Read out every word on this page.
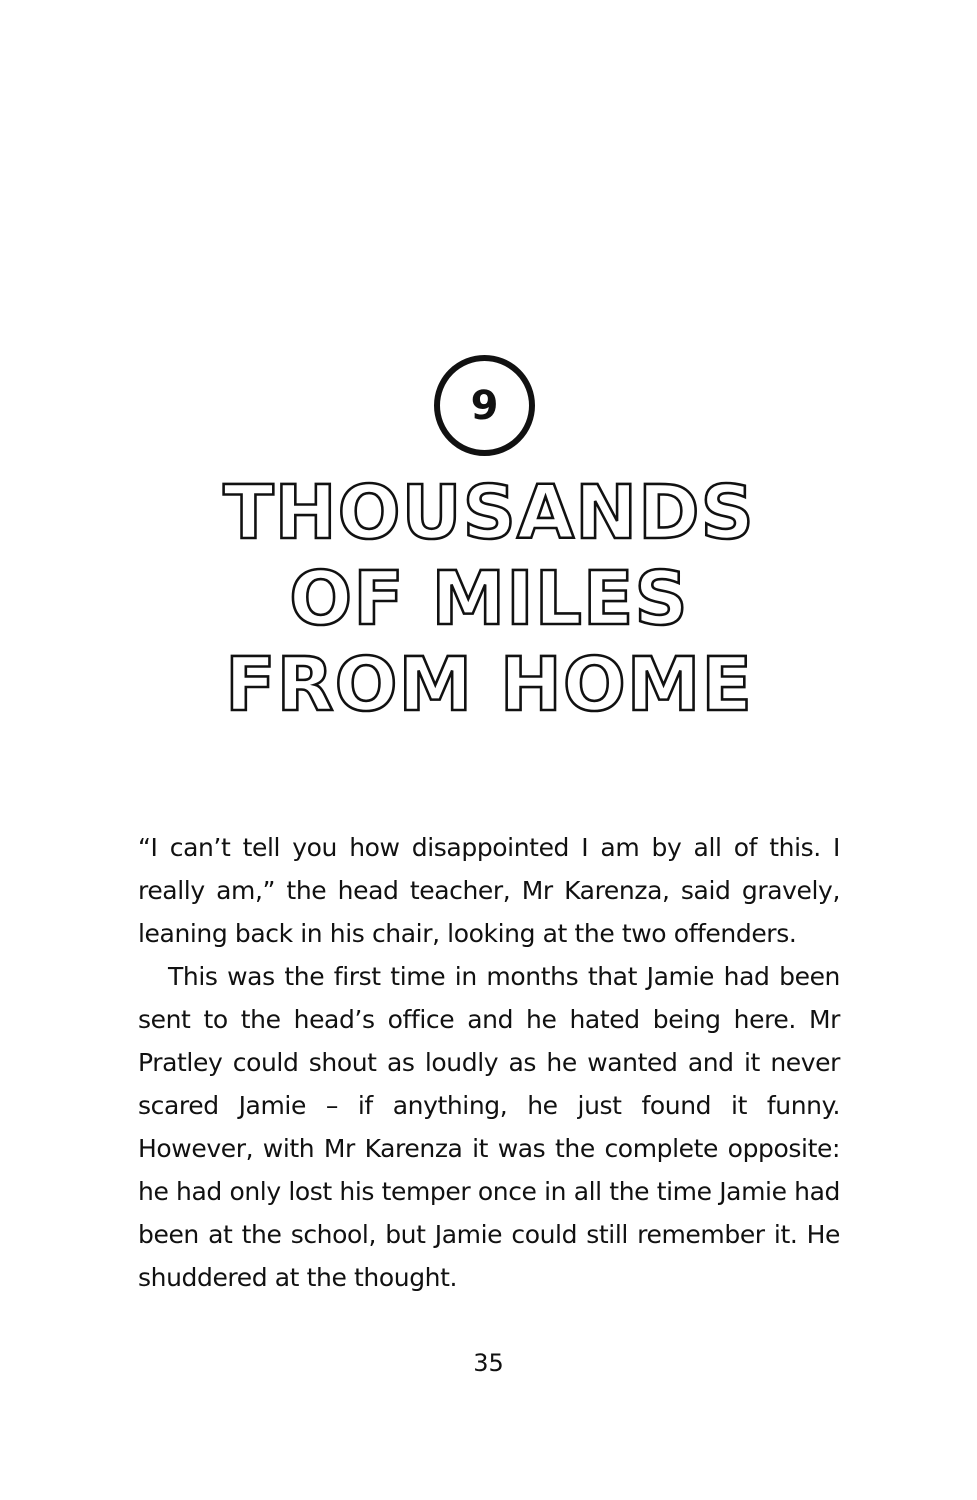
9
THOUSANDS
OF MILES
FROM HOME

“I can’t tell you how disappointed I am by all of this. I really am,” the head teacher, Mr Karenza, said gravely, leaning back in his chair, looking at the two offenders.

This was the first time in months that Jamie had been sent to the head’s office and he hated being here. Mr Pratley could shout as loudly as he wanted and it never scared Jamie – if anything, he just found it funny. However, with Mr Karenza it was the complete opposite: he had only lost his temper once in all the time Jamie had been at the school, but Jamie could still remember it. He shuddered at the thought.

35
